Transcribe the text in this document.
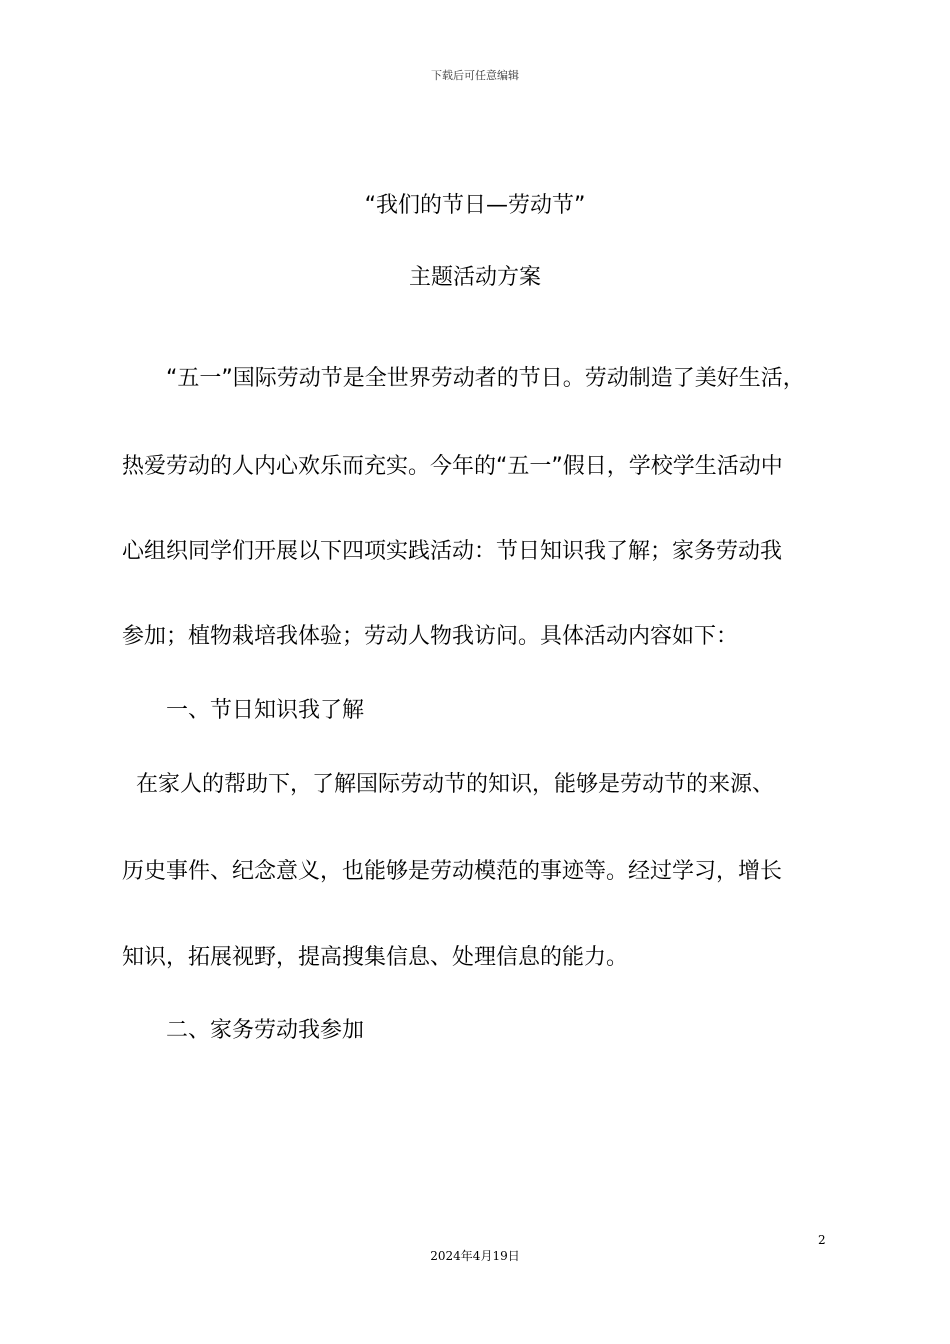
下载后可任意编辑
“我们的节日—劳动节”
主题活动方案
“五一”国际劳动节是全世界劳动者的节日。劳动制造了美好生活，
热爱劳动的人内心欢乐而充实。今年的“五一”假日，学校学生活动中
心组织同学们开展以下四项实践活动：节日知识我了解；家务劳动我
参加；植物栽培我体验；劳动人物我访问。具体活动内容如下：
一、节日知识我了解
在家人的帮助下，了解国际劳动节的知识，能够是劳动节的来源、
历史事件、纪念意义，也能够是劳动模范的事迹等。经过学习，增长
知识，拓展视野，提高搜集信息、处理信息的能力。
二、家务劳动我参加
2
2024年4月19日
